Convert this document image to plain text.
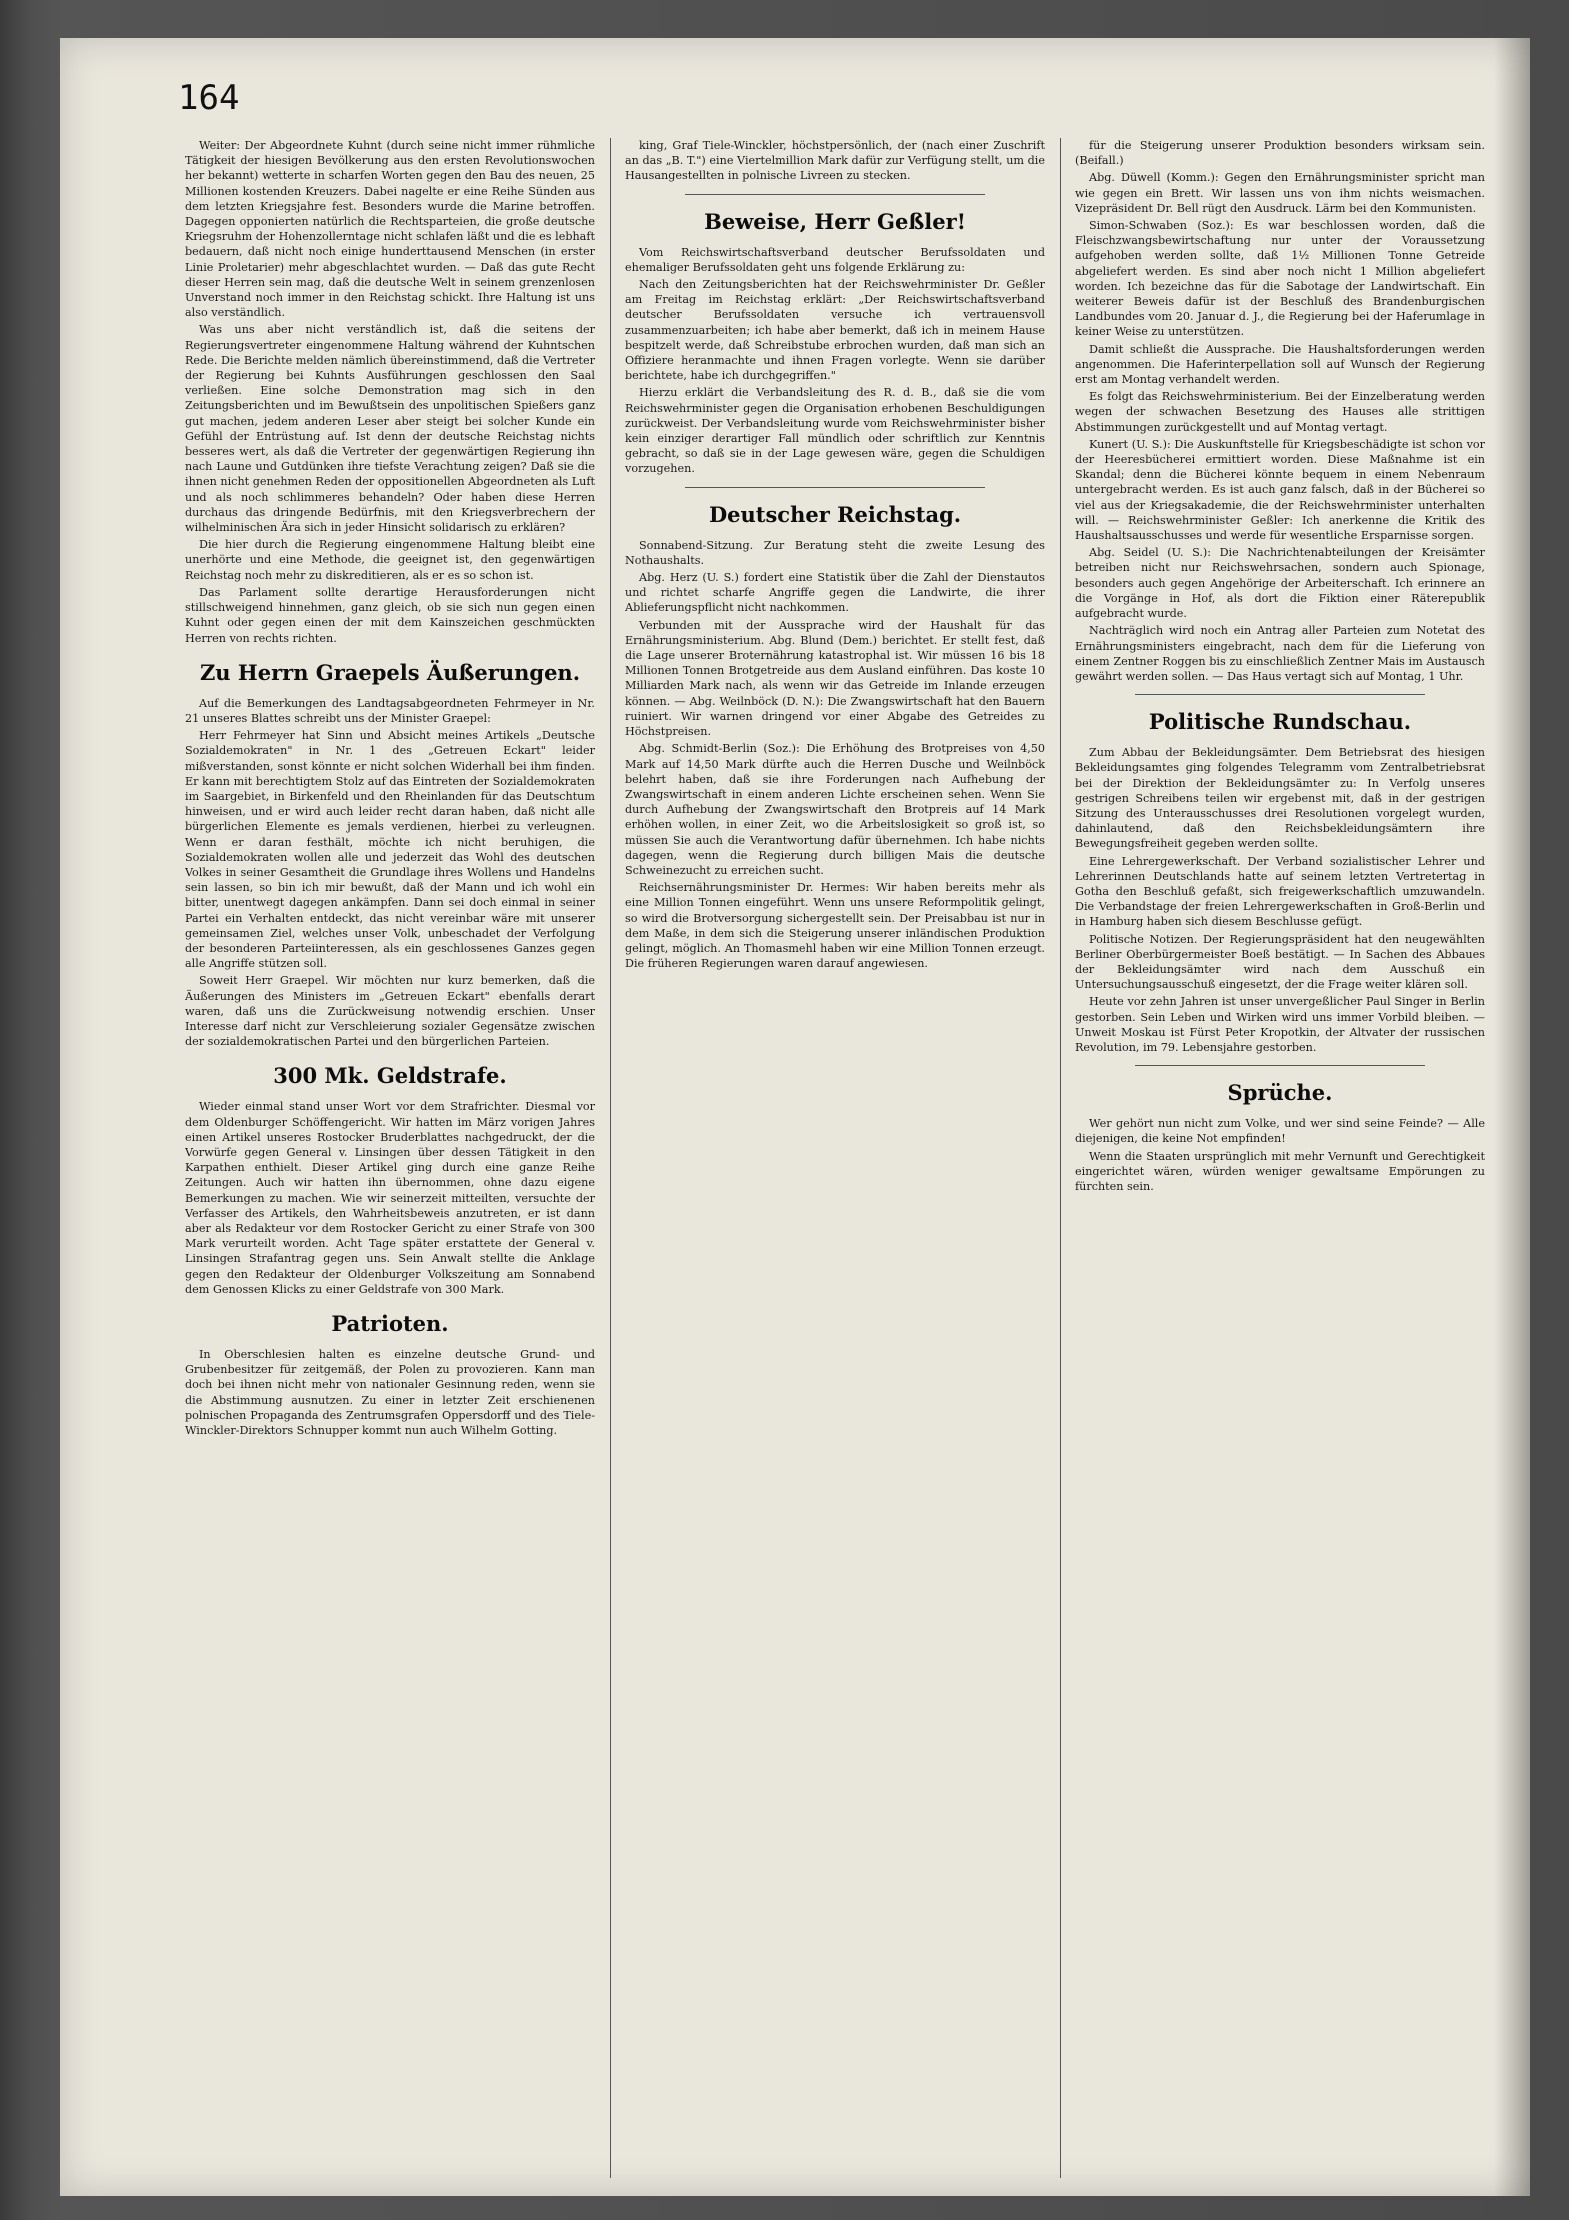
164

Weiter: Der Abgeordnete Kuhnt (durch seine nicht immer rühmliche Tätigkeit der hiesigen Bevölkerung aus den ersten Revolutionswochen her bekannt) wetterte in scharfen Worten gegen den Bau des neuen, 25 Millionen kostenden Kreuzers. Dabei nagelte er eine Reihe Sünden aus dem letzten Kriegsjahre fest. Besonders wurde die Marine betroffen. Dagegen opponierten natürlich die Rechtsparteien, die große deutsche Kriegsruhm der Hohenzollerntage nicht schlafen läßt und die es lebhaft bedauern, daß nicht noch einige hunderttausend Menschen (in erster Linie Proletarier) mehr abgeschlachtet wurden. — Daß das gute Recht dieser Herren sein mag, daß die deutsche Welt in seinem grenzenlosen Unverstand noch immer in den Reichstag schickt. Ihre Haltung ist uns also verständlich.

Was uns aber nicht verständlich ist, daß die seitens der Regierungsvertreter eingenommene Haltung während der Kuhntschen Rede. Die Berichte melden nämlich übereinstimmend, daß die Vertreter der Regierung bei Kuhnts Ausführungen geschlossen den Saal verließen. Eine solche Demonstration mag sich in den Zeitungsberichten und im Bewußtsein des unpolitischen Spießers ganz gut machen, jedem anderen Leser aber steigt bei solcher Kunde ein Gefühl der Entrüstung auf. Ist denn der deutsche Reichstag nichts besseres wert, als daß die Vertreter der gegenwärtigen Regierung ihn nach Laune und Gutdünken ihre tiefste Verachtung zeigen? Daß sie die ihnen nicht genehmen Reden der oppositionellen Abgeordneten als Luft und als noch schlimmeres behandeln? Oder haben diese Herren durchaus das dringende Bedürfnis, mit den Kriegsverbrechern der wilhelminischen Ära sich in jeder Hinsicht solidarisch zu erklären?

Die hier durch die Regierung eingenommene Haltung bleibt eine unerhörte und eine Methode, die geeignet ist, den gegenwärtigen Reichstag noch mehr zu diskreditieren, als er es so schon ist.

Das Parlament sollte derartige Herausforderungen nicht stillschweigend hinnehmen, ganz gleich, ob sie sich nun gegen einen Kuhnt oder gegen einen der mit dem Kainszeichen geschmückten Herren von rechts richten.

Zu Herrn Graepels Äußerungen.

Auf die Bemerkungen des Landtagsabgeordneten Fehrmeyer in Nr. 21 unseres Blattes schreibt uns der Minister Graepel:

Herr Fehrmeyer hat Sinn und Absicht meines Artikels „Deutsche Sozialdemokraten" in Nr. 1 des „Getreuen Eckart" leider mißverstanden, sonst könnte er nicht solchen Widerhall bei ihm finden. Er kann mit berechtigtem Stolz auf das Eintreten der Sozialdemokraten im Saargebiet, in Birkenfeld und den Rheinlanden für das Deutschtum hinweisen, und er wird auch leider recht daran haben, daß nicht alle bürgerlichen Elemente es jemals verdienen, hierbei zu verleugnen. Wenn er daran festhält, möchte ich nicht beruhigen, die Sozialdemokraten wollen alle und jederzeit das Wohl des deutschen Volkes in seiner Gesamtheit die Grundlage ihres Wollens und Handelns sein lassen, so bin ich mir bewußt, daß der Mann und ich wohl ein bitter, unentwegt dagegen ankämpfen. Dann sei doch einmal in seiner Partei ein Verhalten entdeckt, das nicht vereinbar wäre mit unserer gemeinsamen Ziel, welches unser Volk, unbeschadet der Verfolgung der besonderen Parteiinteressen, als ein geschlossenes Ganzes gegen alle Angriffe stützen soll.

Soweit Herr Graepel. Wir möchten nur kurz bemerken, daß die Äußerungen des Ministers im „Getreuen Eckart" ebenfalls derart waren, daß uns die Zurückweisung notwendig erschien. Unser Interesse darf nicht zur Verschleierung sozialer Gegensätze zwischen der sozialdemokratischen Partei und den bürgerlichen Parteien.

300 Mk. Geldstrafe.

Wieder einmal stand unser Wort vor dem Strafrichter. Diesmal vor dem Oldenburger Schöffengericht. Wir hatten im März vorigen Jahres einen Artikel unseres Rostocker Bruderblattes nachgedruckt, der die Vorwürfe gegen General v. Linsingen über dessen Tätigkeit in den Karpathen enthielt. Dieser Artikel ging durch eine ganze Reihe Zeitungen. Auch wir hatten ihn übernommen, ohne dazu eigene Bemerkungen zu machen. Wie wir seinerzeit mitteilten, versuchte der Verfasser des Artikels, den Wahrheitsbeweis anzutreten, er ist dann aber als Redakteur vor dem Rostocker Gericht zu einer Strafe von 300 Mark verurteilt worden. Acht Tage später erstattete der General v. Linsingen Strafantrag gegen uns. Sein Anwalt stellte die Anklage gegen den Redakteur der Oldenburger Volkszeitung am Sonnabend dem Genossen Klicks zu einer Geldstrafe von 300 Mark.

Patrioten.

In Oberschlesien halten es einzelne deutsche Grund- und Grubenbesitzer für zeitgemäß, der Polen zu provozieren. Kann man doch bei ihnen nicht mehr von nationaler Gesinnung reden, wenn sie die Abstimmung ausnutzen. Zu einer in letzter Zeit erschienenen polnischen Propaganda des Zentrumsgrafen Oppersdorff und des Tiele-Winckler-Direktors Schnupper kommt nun auch Wilhelm Gotting.

king, Graf Tiele-Winckler, höchstpersönlich, der (nach einer Zuschrift an das „B. T.") eine Viertelmillion Mark dafür zur Verfügung stellt, um die Hausangestellten in polnische Livreen zu stecken.

Beweise, Herr Geßler!

Vom Reichswirtschaftsverband deutscher Berufssoldaten und ehemaliger Berufssoldaten geht uns folgende Erklärung zu:

Nach den Zeitungsberichten hat der Reichswehrminister Dr. Geßler am Freitag im Reichstag erklärt: „Der Reichswirtschaftsverband deutscher Berufssoldaten versuche ich vertrauensvoll zusammenzuarbeiten; ich habe aber bemerkt, daß ich in meinem Hause bespitzelt werde, daß Schreibstube erbrochen wurden, daß man sich an Offiziere heranmachte und ihnen Fragen vorlegte. Wenn sie darüber berichtete, habe ich durchgegriffen."

Hierzu erklärt die Verbandsleitung des R. d. B., daß sie die vom Reichswehrminister gegen die Organisation erhobenen Beschuldigungen zurückweist. Der Verbandsleitung wurde vom Reichswehrminister bisher kein einziger derartiger Fall mündlich oder schriftlich zur Kenntnis gebracht, so daß sie in der Lage gewesen wäre, gegen die Schuldigen vorzugehen.

Deutscher Reichstag.

Sonnabend-Sitzung. Zur Beratung steht die zweite Lesung des Nothaushalts.

Abg. Herz (U. S.) fordert eine Statistik über die Zahl der Dienstautos und richtet scharfe Angriffe gegen die Landwirte, die ihrer Ablieferungspflicht nicht nachkommen.

Verbunden mit der Aussprache wird der Haushalt für das Ernährungsministerium. Abg. Blund (Dem.) berichtet. Er stellt fest, daß die Lage unserer Broternährung katastrophal ist. Wir müssen 16 bis 18 Millionen Tonnen Brotgetreide aus dem Ausland einführen. Das koste 10 Milliarden Mark nach, als wenn wir das Getreide im Inlande erzeugen können. — Abg. Weilnböck (D. N.): Die Zwangswirtschaft hat den Bauern ruiniert. Wir warnen dringend vor einer Abgabe des Getreides zu Höchstpreisen.

Abg. Schmidt-Berlin (Soz.): Die Erhöhung des Brotpreises von 4,50 Mark auf 14,50 Mark dürfte auch die Herren Dusche und Weilnböck belehrt haben, daß sie ihre Forderungen nach Aufhebung der Zwangswirtschaft in einem anderen Lichte erscheinen sehen. Wenn Sie durch Aufhebung der Zwangswirtschaft den Brotpreis auf 14 Mark erhöhen wollen, in einer Zeit, wo die Arbeitslosigkeit so groß ist, so müssen Sie auch die Verantwortung dafür übernehmen. Ich habe nichts dagegen, wenn die Regierung durch billigen Mais die deutsche Schweinezucht zu erreichen sucht.

Reichsernährungsminister Dr. Hermes: Wir haben bereits mehr als eine Million Tonnen eingeführt. Wenn uns unsere Reformpolitik gelingt, so wird die Brotversorgung sichergestellt sein. Der Preisabbau ist nur in dem Maße, in dem sich die Steigerung unserer inländischen Produktion gelingt, möglich. An Thomasmehl haben wir eine Million Tonnen erzeugt. Die früheren Regierungen waren darauf angewiesen.

für die Steigerung unserer Produktion besonders wirksam sein. (Beifall.)

Abg. Düwell (Komm.): Gegen den Ernährungsminister spricht man wie gegen ein Brett. Wir lassen uns von ihm nichts weismachen. Vizepräsident Dr. Bell rügt den Ausdruck. Lärm bei den Kommunisten.

Simon-Schwaben (Soz.): Es war beschlossen worden, daß die Fleischzwangsbewirtschaftung nur unter der Voraussetzung aufgehoben werden sollte, daß 1½ Millionen Tonne Getreide abgeliefert werden. Es sind aber noch nicht 1 Million abgeliefert worden. Ich bezeichne das für die Sabotage der Landwirtschaft. Ein weiterer Beweis dafür ist der Beschluß des Brandenburgischen Landbundes vom 20. Januar d. J., die Regierung bei der Haferumlage in keiner Weise zu unterstützen.

Damit schließt die Aussprache. Die Haushaltsforderungen werden angenommen. Die Haferinterpellation soll auf Wunsch der Regierung erst am Montag verhandelt werden.

Es folgt das Reichswehrministerium. Bei der Einzelberatung werden wegen der schwachen Besetzung des Hauses alle strittigen Abstimmungen zurückgestellt und auf Montag vertagt.

Kunert (U. S.): Die Auskunftstelle für Kriegsbeschädigte ist schon vor der Heeresbücherei ermittiert worden. Diese Maßnahme ist ein Skandal; denn die Bücherei könnte bequem in einem Nebenraum untergebracht werden. Es ist auch ganz falsch, daß in der Bücherei so viel aus der Kriegsakademie, die der Reichswehrminister unterhalten will. — Reichswehrminister Geßler: Ich anerkenne die Kritik des Haushaltsausschusses und werde für wesentliche Ersparnisse sorgen.

Abg. Seidel (U. S.): Die Nachrichtenabteilungen der Kreisämter betreiben nicht nur Reichswehrsachen, sondern auch Spionage, besonders auch gegen Angehörige der Arbeiterschaft. Ich erinnere an die Vorgänge in Hof, als dort die Fiktion einer Räterepublik aufgebracht wurde.

Nachträglich wird noch ein Antrag aller Parteien zum Notetat des Ernährungsministers eingebracht, nach dem für die Lieferung von einem Zentner Roggen bis zu einschließlich Zentner Mais im Austausch gewährt werden sollen. — Das Haus vertagt sich auf Montag, 1 Uhr.

Politische Rundschau.

Zum Abbau der Bekleidungsämter. Dem Betriebsrat des hiesigen Bekleidungsamtes ging folgendes Telegramm vom Zentralbetriebsrat bei der Direktion der Bekleidungsämter zu: In Verfolg unseres gestrigen Schreibens teilen wir ergebenst mit, daß in der gestrigen Sitzung des Unterausschusses drei Resolutionen vorgelegt wurden, dahinlautend, daß den Reichsbekleidungsämtern ihre Bewegungsfreiheit gegeben werden sollte.

Eine Lehrergewerkschaft. Der Verband sozialistischer Lehrer und Lehrerinnen Deutschlands hatte auf seinem letzten Vertretertag in Gotha den Beschluß gefaßt, sich freigewerkschaftlich umzuwandeln. Die Verbandstage der freien Lehrergewerkschaften in Groß-Berlin und in Hamburg haben sich diesem Beschlusse gefügt.

Politische Notizen. Der Regierungspräsident hat den neugewählten Berliner Oberbürgermeister Boeß bestätigt. — In Sachen des Abbaues der Bekleidungsämter wird nach dem Ausschuß ein Untersuchungsausschuß eingesetzt, der die Frage weiter klären soll.

Heute vor zehn Jahren ist unser unvergeßlicher Paul Singer in Berlin gestorben. Sein Leben und Wirken wird uns immer Vorbild bleiben. — Unweit Moskau ist Fürst Peter Kropotkin, der Altvater der russischen Revolution, im 79. Lebensjahre gestorben.

Sprüche.

Wer gehört nun nicht zum Volke, und wer sind seine Feinde? — Alle diejenigen, die keine Not empfinden!

Wenn die Staaten ursprünglich mit mehr Vernunft und Gerechtigkeit eingerichtet wären, würden weniger gewaltsame Empörungen zu fürchten sein.
